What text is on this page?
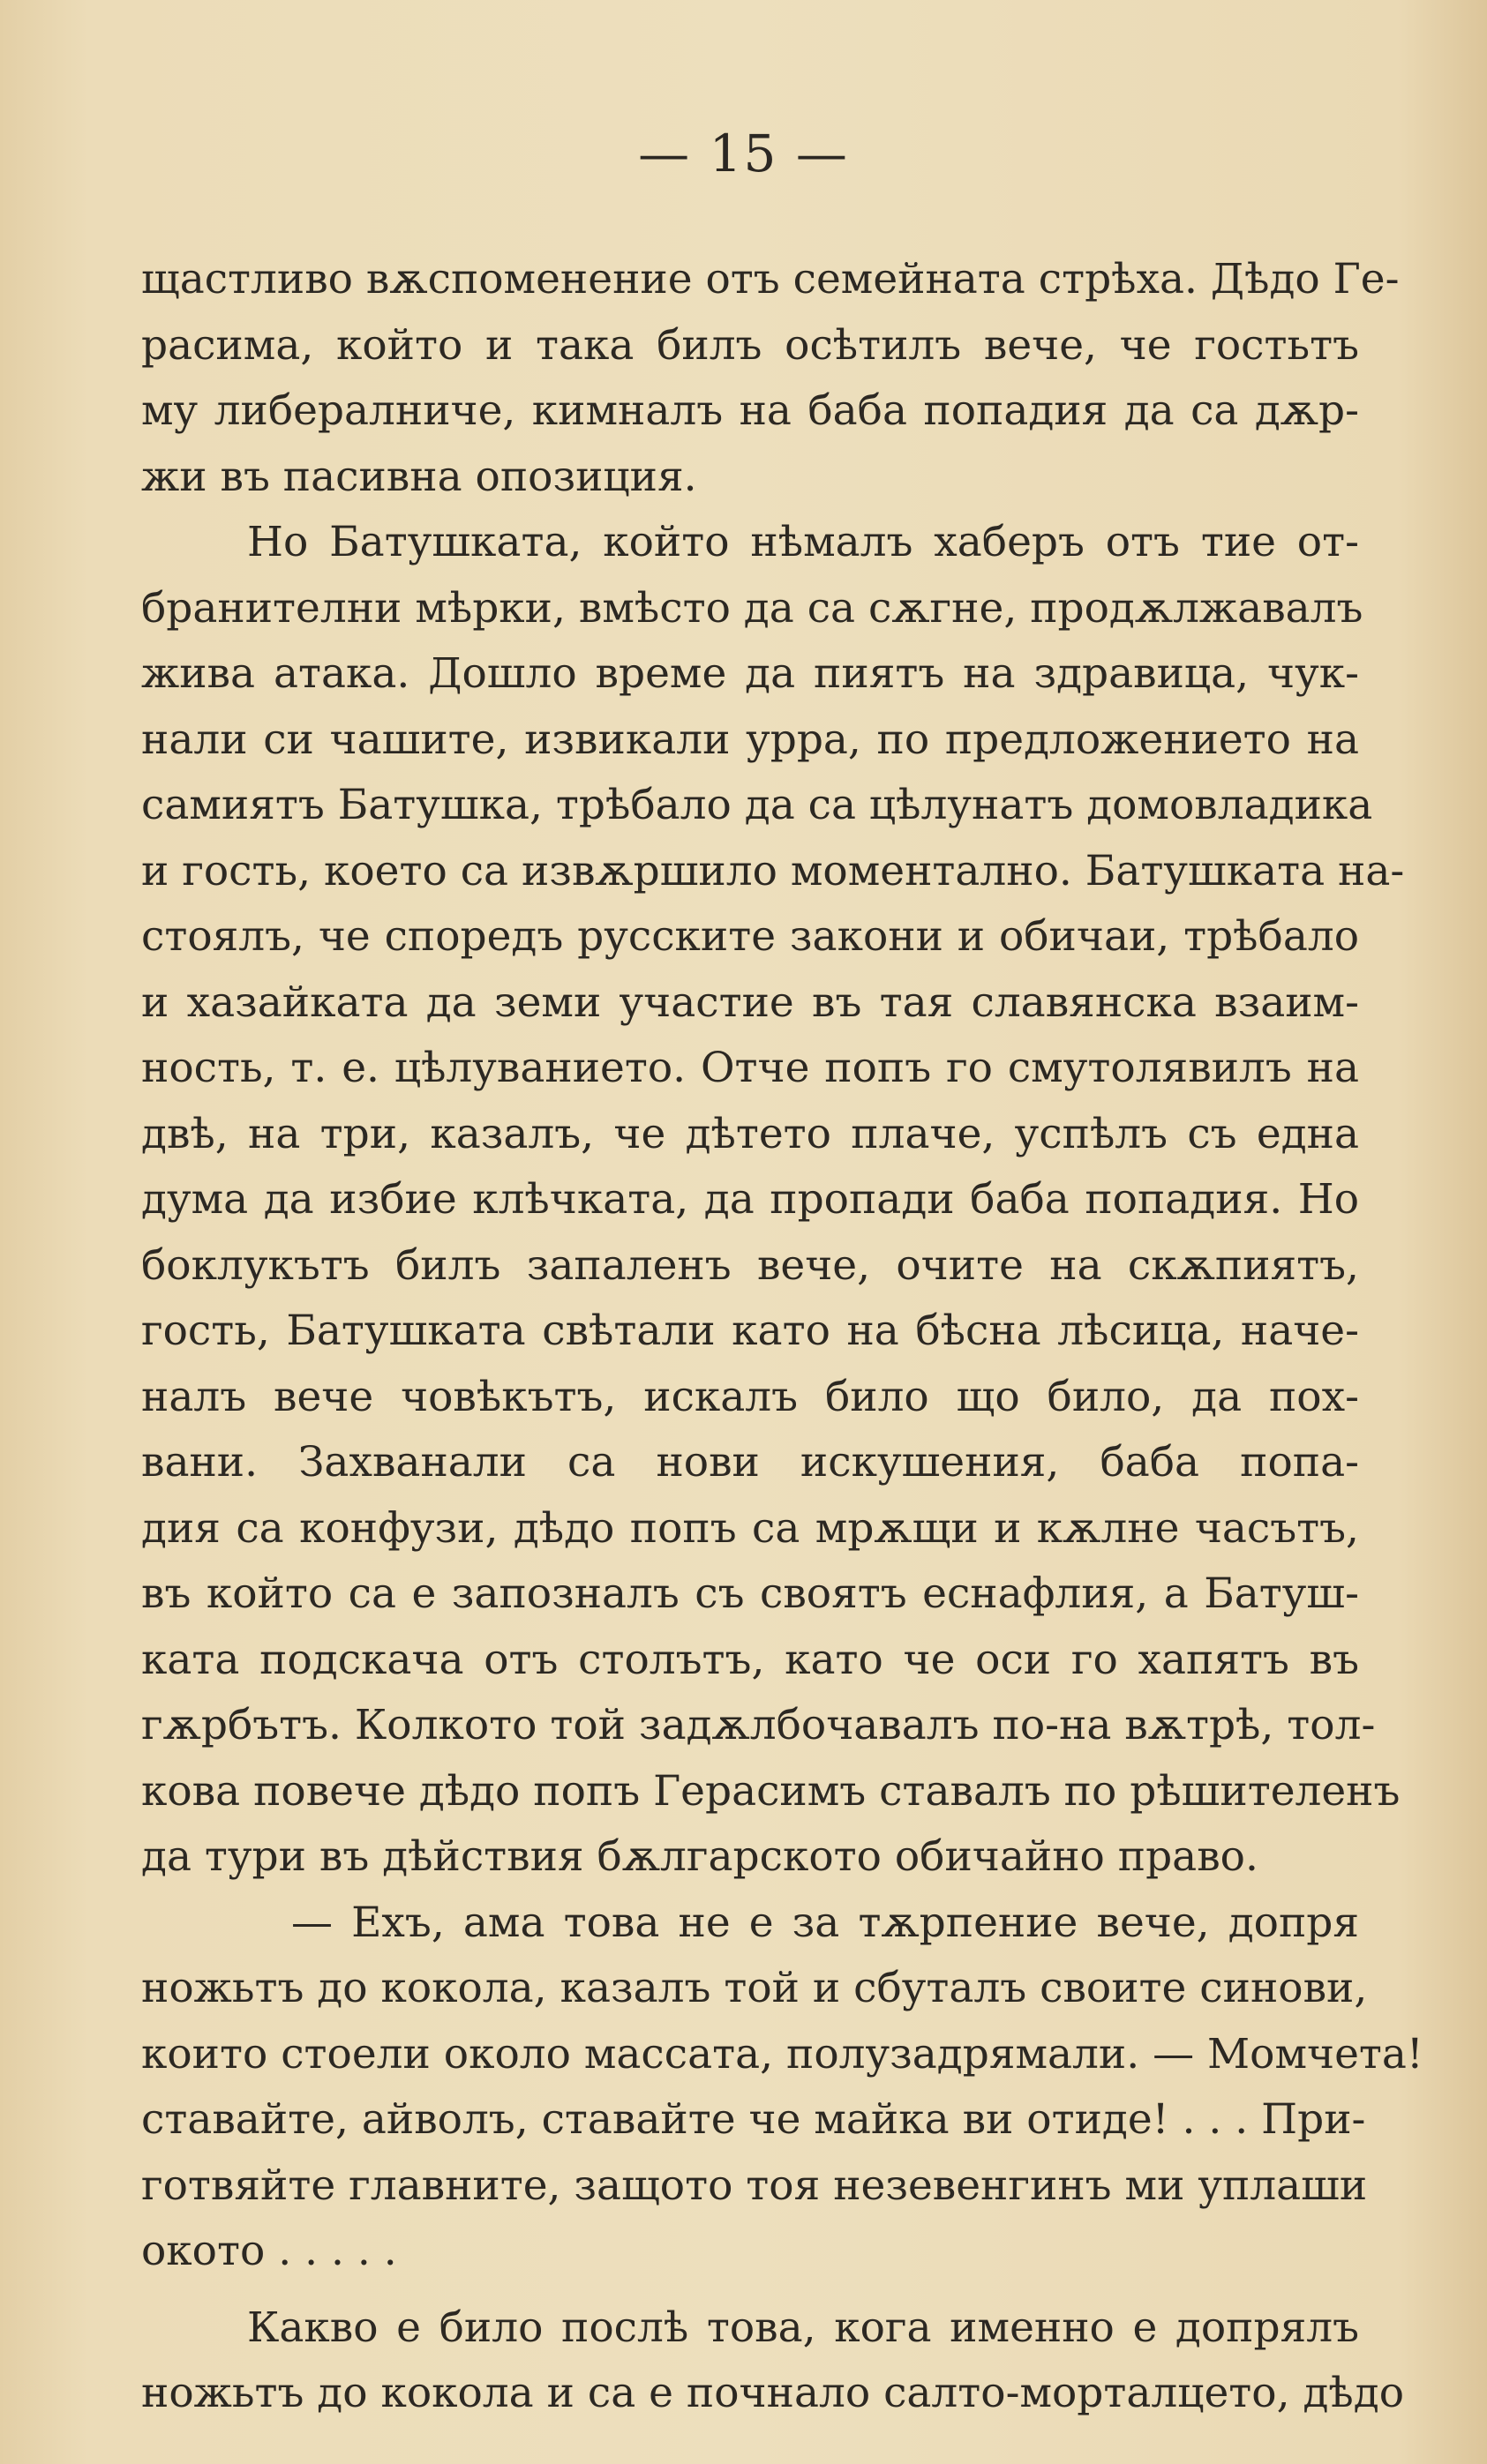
— 15 —
щастливо вѫспоменение отъ семейната стрѣха. Дѣдо Ге-
расима, който и така билъ осѣтилъ вече, че гостьтъ
му либералниче, кимналъ на баба попадия да са дѫр-
жи въ пасивна опозиция.
Но Батушката, който нѣмалъ хаберъ отъ тие от-
бранителни мѣрки, вмѣсто да са сѫгне, продѫлжавалъ
жива атака. Дошло време да пиятъ на здравица, чук-
нали си чашите, извикали урра, по предложението на
самиятъ Батушка, трѣбало да са цѣлунатъ домовладика
и гость, което са извѫршило моментално. Батушката на-
стоялъ, че споредъ русските закони и обичаи, трѣбало
и хазайката да земи участие въ тая славянска взаим-
ность, т. е. цѣлуванието. Отче попъ го смутолявилъ на
двѣ, на три, казалъ, че дѣтето плаче, успѣлъ съ една
дума да избие клѣчката, да пропади баба попадия. Но
боклукътъ билъ запаленъ вече, очите на скѫпиятъ,
гость, Батушката свѣтали като на бѣсна лѣсица, наче-
налъ вече човѣкътъ, искалъ било що било, да пох-
вани. Захванали са нови искушения, баба попа-
дия са конфузи, дѣдо попъ са мрѫщи и кѫлне часътъ,
въ който са е запозналъ съ своятъ еснафлия, а Батуш-
ката подскача отъ столътъ, като че оси го хапятъ въ
гѫрбътъ. Колкото той задѫлбочавалъ по-на вѫтрѣ, тол-
кова повече дѣдо попъ Герасимъ ставалъ по рѣшителенъ
да тури въ дѣйствия бѫлгарското обичайно право.
— Ехъ, ама това не е за тѫрпение вече, допря
ножьтъ до кокола, казалъ той и сбуталъ своите синови,
които стоели около массата, полузадрямали. — Момчета!
ставайте, айволъ, ставайте че майка ви отиде! . . . При-
готвяйте главните, защото тоя незевенгинъ ми уплаши
окото . . . . .
Какво е било послѣ това, кога именно е допрялъ
ножьтъ до кокола и са е почнало салто-морталцето, дѣдо
